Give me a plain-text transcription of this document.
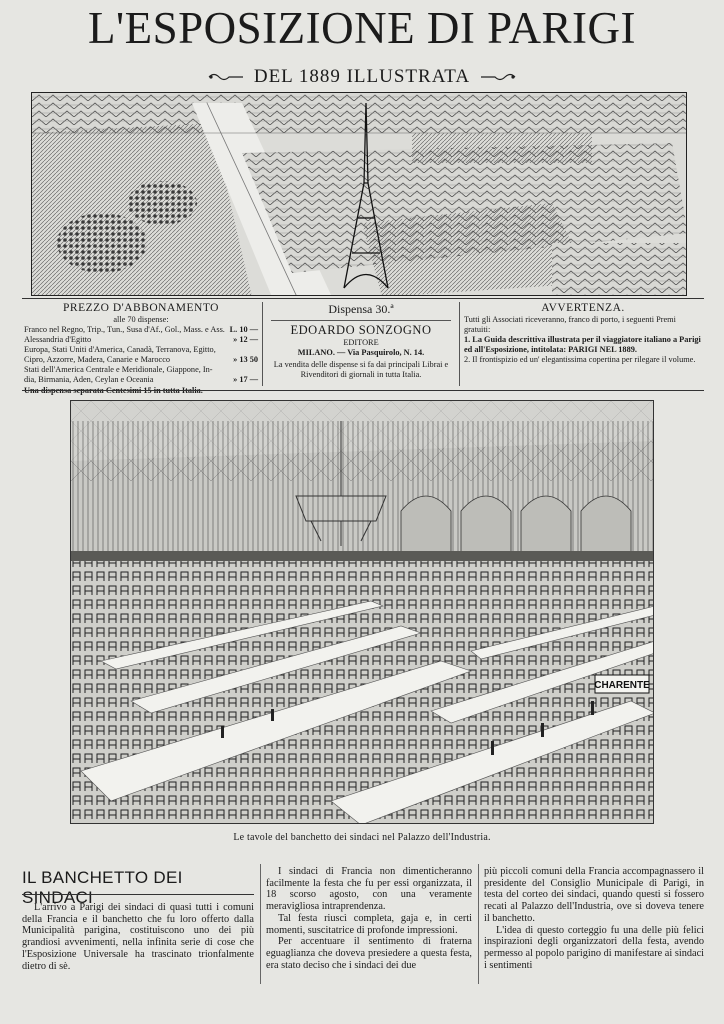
L'ESPOSIZIONE DI PARIGI
DEL 1889 ILLUSTRATA
PREZZO D'ABBONAMENTO
alle 70 dispense:
Franco nel Regno, Trip., Tun., Susa d'Af., Gol., Mass. e Ass. L. 10 —
Alessandria d'Egitto	» 12 —
Europa, Stati Uniti d'America, Canadà, Terranova, Egitto,
Cipro, Azzorre, Madera, Canarie e Marocco	» 13 50
Stati dell'America Centrale e Meridionale, Giappone, In-
dia, Birmania, Aden, Ceylan e Oceania	» 17 —
Una dispensa separata Centesimi 15 in tutta Italia.
Dispensa 30.ª
EDOARDO SONZOGNO
EDITORE
MILANO. — Via Pasquirolo, N. 14.
La vendita delle dispense si fa dai principali Librai e Rivenditori di giornali in tutta Italia.
AVVERTENZA.
Tutti gli Associati riceveranno, franco di porto, i seguenti Premi gratuiti:
1. La Guida descrittiva illustrata per il viaggiatore italiano a Parigi ed all'Esposizione, intitolata: PARIGI NEL 1889.
2. Il frontispizio ed un' elegantissima copertina per rilegare il volume.
CHARENTE
Le tavole del banchetto dei sindaci nel Palazzo dell'Industria.
IL BANCHETTO DEI SINDACI

L'arrivo a Parigi dei sindaci di quasi tutti i comuni della Francia e il banchetto che fu loro offerto dalla Municipalità parigina, costituiscono uno dei più grandiosi avvenimenti, nella infinita serie di cose che l'Esposizione Universale ha trascinato trionfalmente dietro di sè.

I sindaci di Francia non dimenticheranno facilmente la festa che fu per essi organizzata, il 18 scorso agosto, con una veramente meravigliosa intraprendenza.

Tal festa riuscì completa, gaja e, in certi momenti, suscitatrice di profonde impressioni.

Per accentuare il sentimento di fraterna eguaglianza che doveva presiedere a questa festa, era stato deciso che i sindaci dei due

più piccoli comuni della Francia accompagnassero il presidente del Consiglio Municipale di Parigi, in testa del corteo dei sindaci, quando questi si fossero recati al Palazzo dell'Industria, ove si doveva tenere il banchetto.

L'idea di questo corteggio fu una delle più felici inspirazioni degli organizzatori della festa, avendo permesso al popolo parigino di manifestare ai sindaci i sentimenti
